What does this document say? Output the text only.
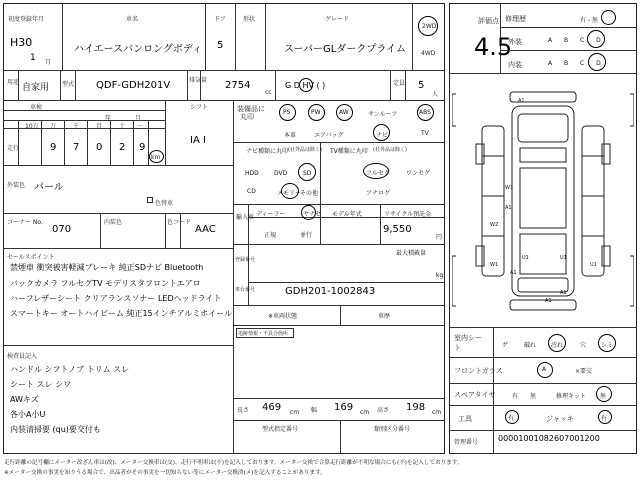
初度登録年月
H30
1 月
車名
ハイエースバンロングボディ
ドア
5
形状	グレード
スーパーGLダークプライム
2WD
4WD
用途
自家用 型式 QDF-GDH201V	排気量 2754
cc
G D HV ( )	定員 5
人
車検
年	月
走行
10万 万	千	百	十 一
9 7 0 2 9
km
シフト
IA I
外装色 パール
色替車
コーナー No.
070
内装色	色コード
AAC
セールスポイント
禁煙車 衝突被害軽減ブレーキ 純正SDナビ Bluetooth
バックカメラ フルセグTV モデリスタフロントエアロ
ハーフレザーシート クリアランスソナー LEDヘッドライト
スマートキー オートハイビーム 純正15インチアルミホイール
検査員記入
ハンドル シフトノブ トリム スレ
シート スレ シワ
AWキズ
各小A小U
内装清掃要 (qu)要交付も
装備品に
丸印
PS	PW	AW	サンルーフ	ABS
本革	エアバッグ	ナビ	TV
ナビ種類に丸印 (社外品は除く)
HDD	DVD	SD
CD	メモリー
その他
TV種類に丸印 (社外品は除く)
フルセグ	ワンセグ
アナログ
輸入車 ディーラー	ヤナセ
正規	並行
モデル年式	リサイクル預託金
9,550
円
登録番号
最大積載量
kg
車台番号	GDH201-1002843
※車両状態	車歴
追跡情報・不具合箇所
長さ 469 cm 幅 169 cm 高さ 198 cm
型式指定番号	類別区分番号
評価点
4.5
修理歴	有 - 無
外装	A B C D
内装	A B C D
A1
W1
A1
W2
W1	U1
U1	U1
A1
A1
A1
室内シート	ゲ	破れ 汚れ	穴 シミ
フロントガラス	A	×要交
スペアタイヤ	有 無	修理キット 無
工具	有	ジャッキ	有
管理番号 00001001082607001200
走行距離の記号欄にメーター改ざん車は(改)、メーター交換車は(交)、走行不明車は(不)を記入しております。メーター交換で合算走行距離が不明な場合にも(不)を記入しております。
※メーター交換の事実を知りうる場合で、出品者がその事実を一切知らない等にメーター交換済(メ)を記入することがあります。
